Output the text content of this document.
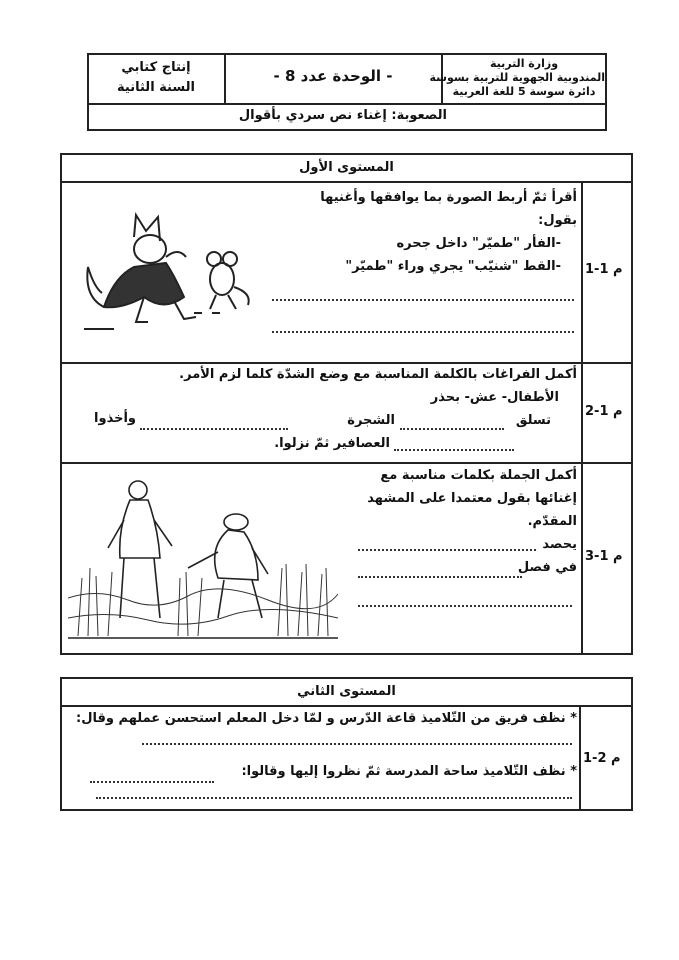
وزارة التربية
المندوبية الجهوية للتربية بسوسة
دائرة سوسة 5 للغة العربية
- الوحدة عدد 8 -
إنتاج كتابي
السنة الثانية
الصعوبة: إغناء نص سردي بأقوال
المستوى الأول
م 1-1
أقرأ ثمّ أربط الصورة بما يوافقها وأغنيها
بقول:
-الفأر "طميّر" داخل جحره
-القط "شنيّب" يجري وراء "طميّر"
م 1-2
أكمل الفراغات بالكلمة المناسبة مع وضع الشدّة كلما لزم الأمر.
الأطفال- عش- بحذر
تسلق
الشجرة
وأخذوا
العصافير ثمّ نزلوا.
م 1-3
أكمل الجملة بكلمات مناسبة مع
إغنائها بقول معتمدا على المشهد
المقدّم.
يحصد
في فصل
المستوى الثاني
م 2-1
* نظف فريق من التّلاميذ قاعة الدّرس و لمّا دخل المعلم استحسن عملهم وقال:
* نظف التّلاميذ ساحة المدرسة ثمّ نظروا إليها وقالوا:
